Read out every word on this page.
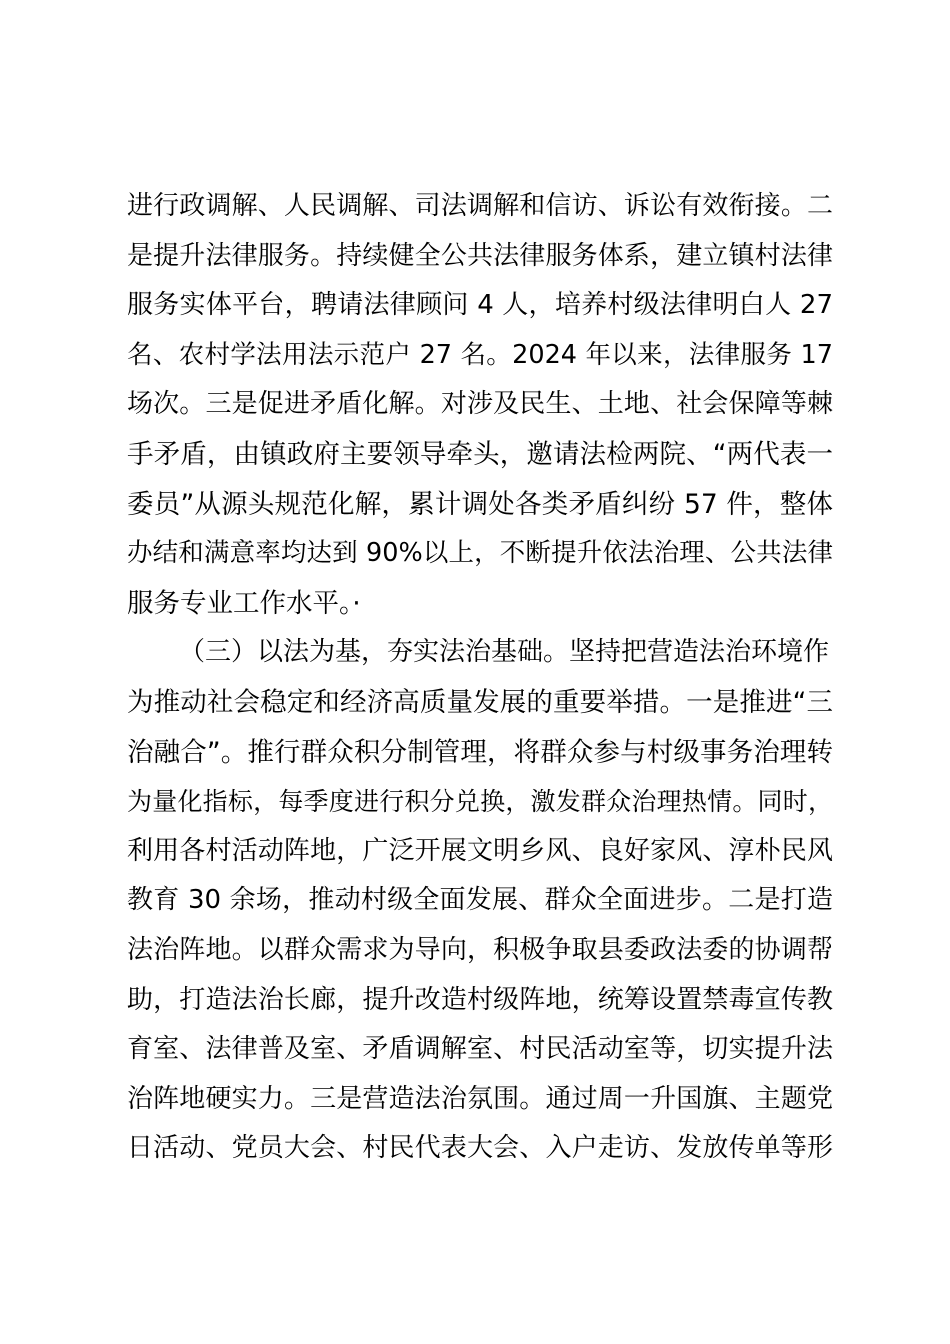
进行政调解、人民调解、司法调解和信访、诉讼有效衔接。二
是提升法律服务。持续健全公共法律服务体系，建立镇村法律
服务实体平台，聘请法律顾问 4 人，培养村级法律明白人 27
名、农村学法用法示范户 27 名。2024 年以来，法律服务 17
场次。三是促进矛盾化解。对涉及民生、土地、社会保障等棘
手矛盾，由镇政府主要领导牵头，邀请法检两院、“两代表一
委员”从源头规范化解，累计调处各类矛盾纠纷 57 件，整体
办结和满意率均达到 90%以上，不断提升依法治理、公共法律
服务专业工作水平。·
（三）以法为基，夯实法治基础。坚持把营造法治环境作
为推动社会稳定和经济高质量发展的重要举措。一是推进“三
治融合”。推行群众积分制管理，将群众参与村级事务治理转
为量化指标，每季度进行积分兑换，激发群众治理热情。同时，
利用各村活动阵地，广泛开展文明乡风、良好家风、淳朴民风
教育 30 余场，推动村级全面发展、群众全面进步。二是打造
法治阵地。以群众需求为导向，积极争取县委政法委的协调帮
助，打造法治长廊，提升改造村级阵地，统筹设置禁毒宣传教
育室、法律普及室、矛盾调解室、村民活动室等，切实提升法
治阵地硬实力。三是营造法治氛围。通过周一升国旗、主题党
日活动、党员大会、村民代表大会、入户走访、发放传单等形
